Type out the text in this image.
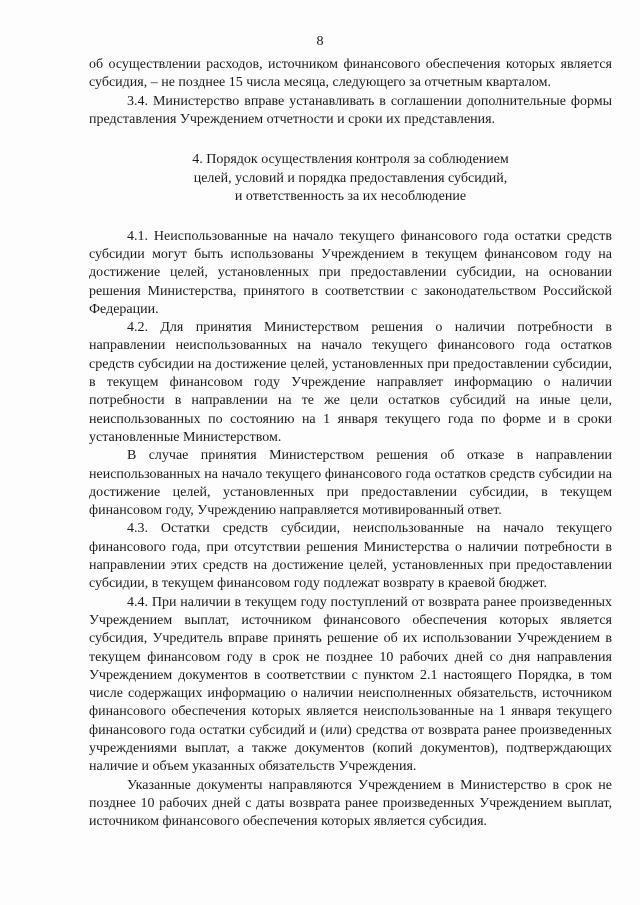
8

об осуществлении расходов, источником финансового обеспечения которых является субсидия, – не позднее 15 числа месяца, следующего за отчетным кварталом.

3.4. Министерство вправе устанавливать в соглашении дополнительные формы представления Учреждением отчетности и сроки их представления.

4. Порядок осуществления контроля за соблюдением
целей, условий и порядка предоставления субсидий,
и ответственность за их несоблюдение

4.1. Неиспользованные на начало текущего финансового года остатки средств субсидии могут быть использованы Учреждением в текущем финансовом году на достижение целей, установленных при предоставлении субсидии, на основании решения Министерства, принятого в соответствии с законодательством Российской Федерации.

4.2. Для принятия Министерством решения о наличии потребности в направлении неиспользованных на начало текущего финансового года остатков средств субсидии на достижение целей, установленных при предоставлении субсидии, в текущем финансовом году Учреждение направляет информацию о наличии потребности в направлении на те же цели остатков субсидий на иные цели, неиспользованных по состоянию на 1 января текущего года по форме и в сроки установленные Министерством.

В случае принятия Министерством решения об отказе в направлении неиспользованных на начало текущего финансового года остатков средств субсидии на достижение целей, установленных при предоставлении субсидии, в текущем финансовом году, Учреждению направляется мотивированный ответ.

4.3. Остатки средств субсидии, неиспользованные на начало текущего финансового года, при отсутствии решения Министерства о наличии потребности в направлении этих средств на достижение целей, установленных при предоставлении субсидии, в текущем финансовом году подлежат возврату в краевой бюджет.

4.4. При наличии в текущем году поступлений от возврата ранее произведенных Учреждением выплат, источником финансового обеспечения которых является субсидия, Учредитель вправе принять решение об их использовании Учреждением в текущем финансовом году в срок не позднее 10 рабочих дней со дня направления Учреждением документов в соответствии с пунктом 2.1 настоящего Порядка, в том числе содержащих информацию о наличии неисполненных обязательств, источником финансового обеспечения которых является неиспользованные на 1 января текущего финансового года остатки субсидий и (или) средства от возврата ранее произведенных учреждениями выплат, а также документов (копий документов), подтверждающих наличие и объем указанных обязательств Учреждения.

Указанные документы направляются Учреждением в Министерство в срок не позднее 10 рабочих дней с даты возврата ранее произведенных Учреждением выплат, источником финансового обеспечения которых является субсидия.
